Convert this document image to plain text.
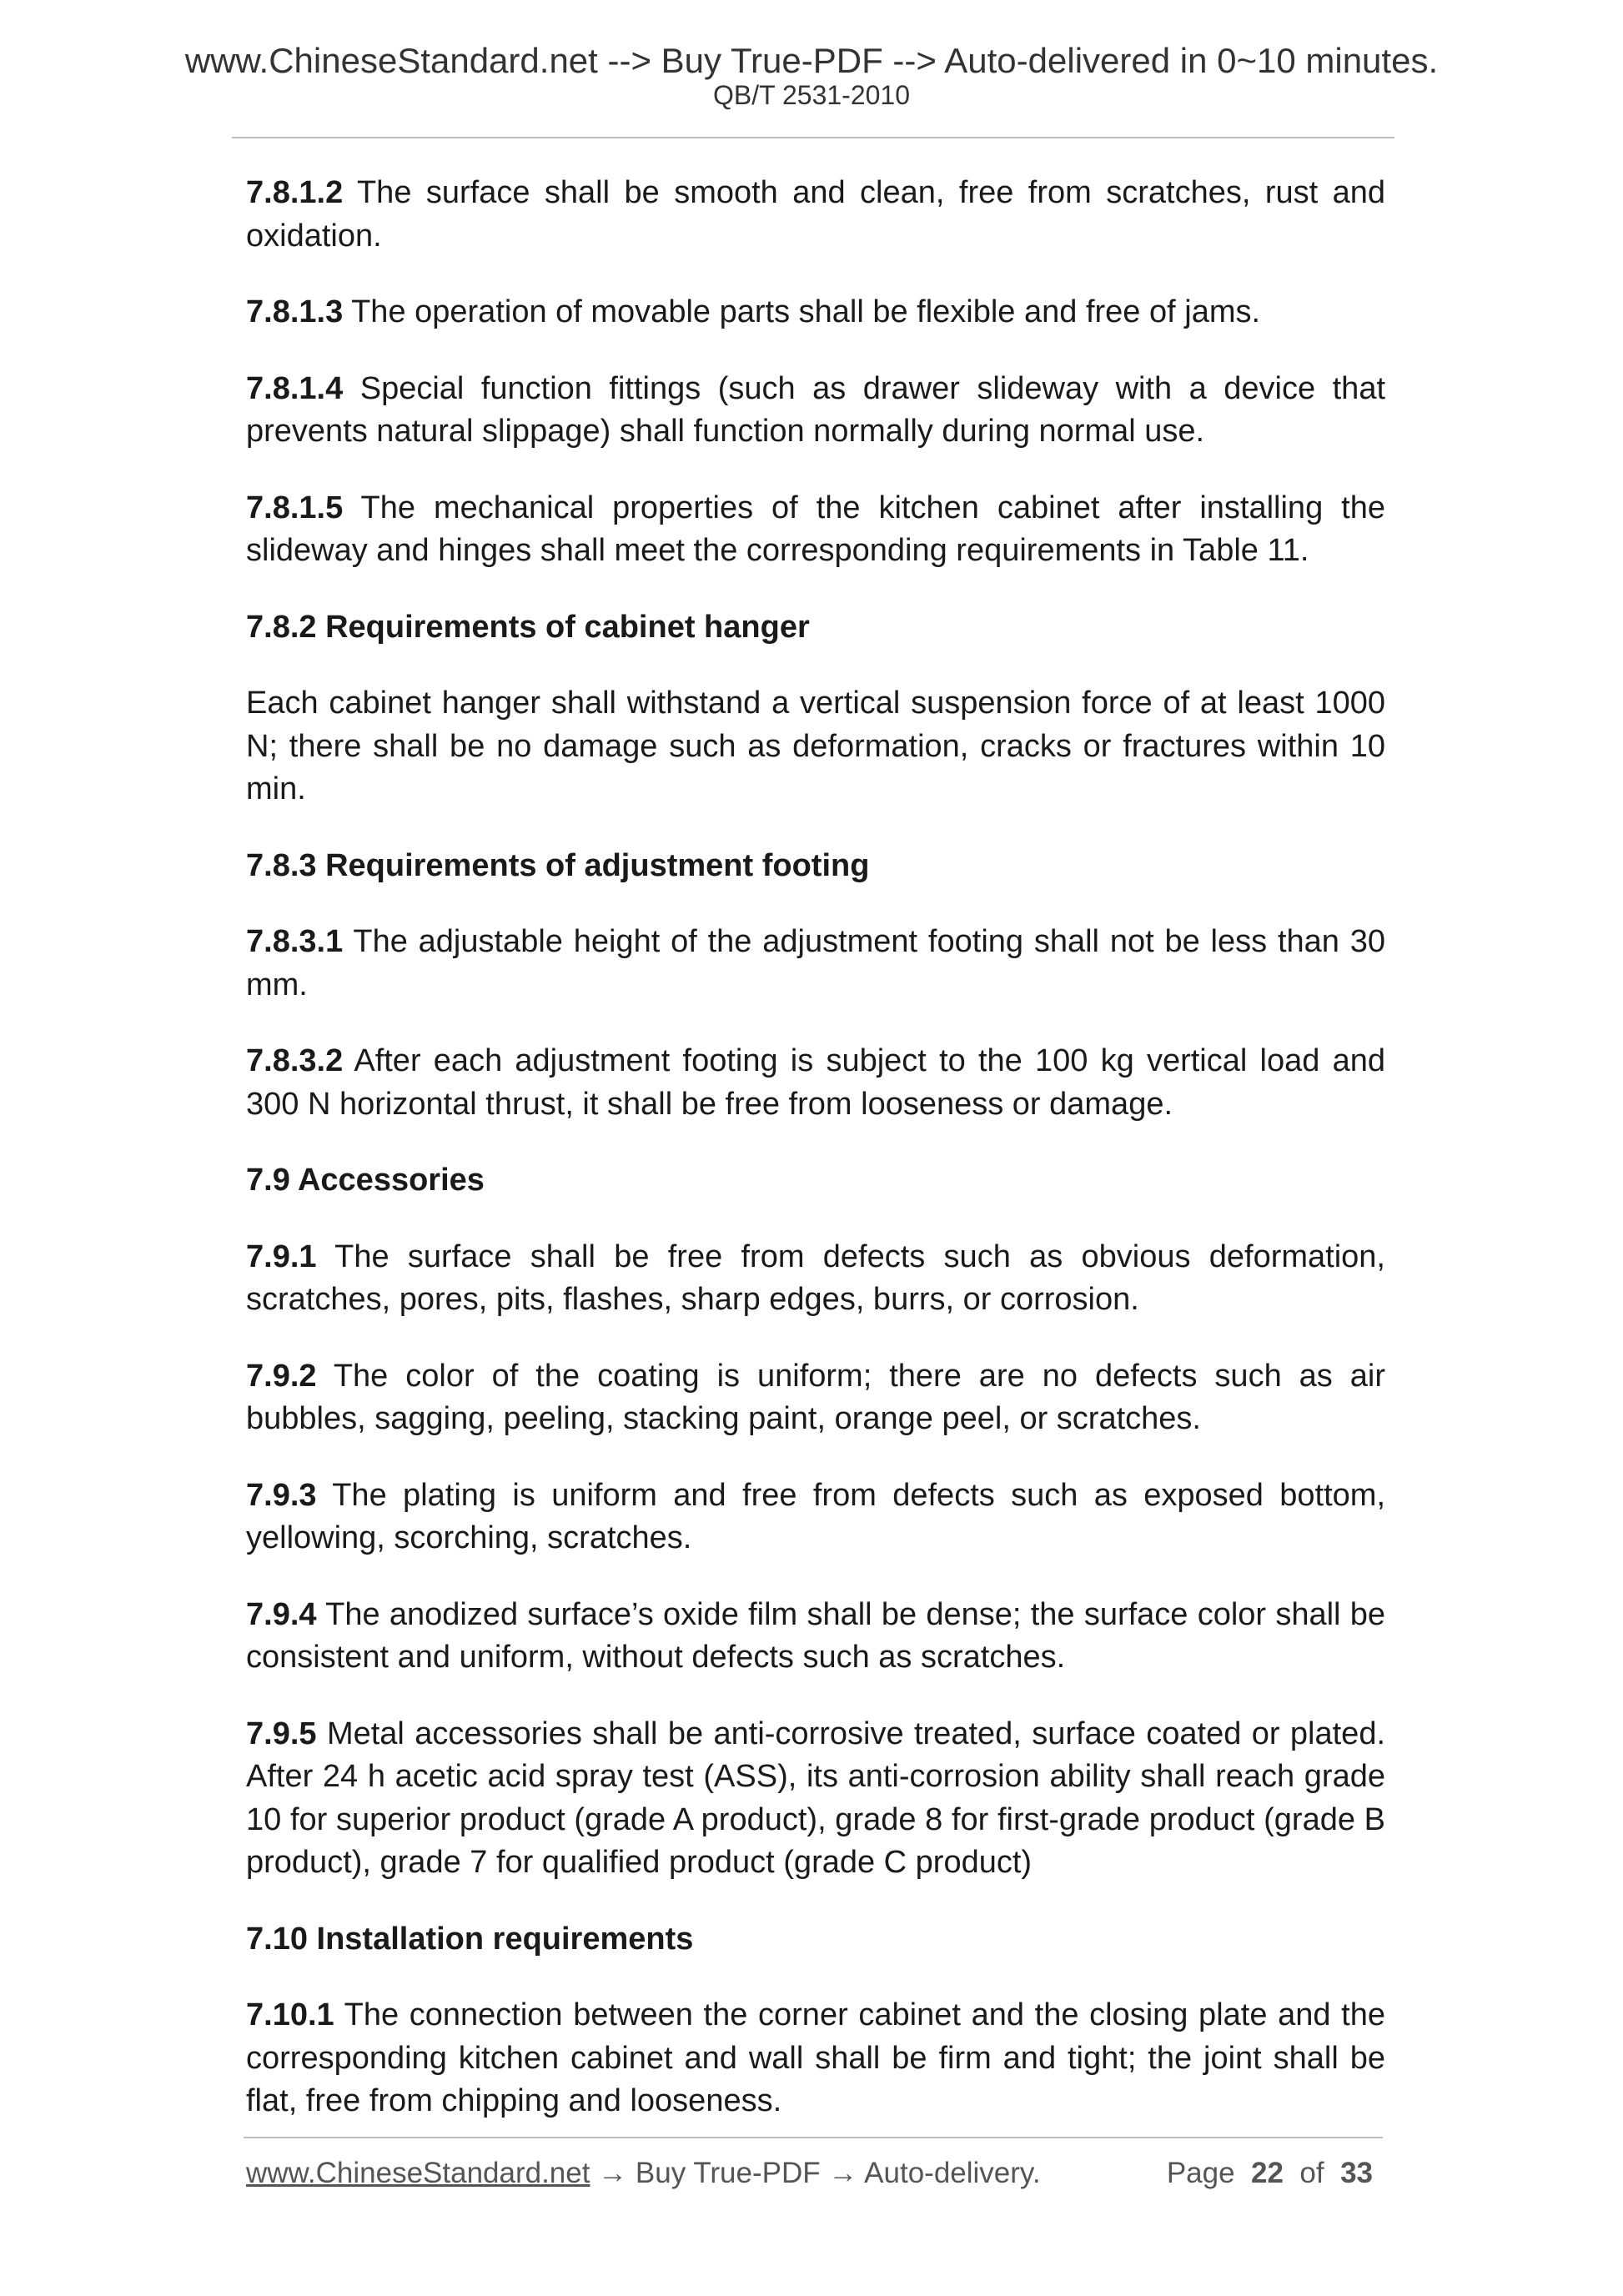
www.ChineseStandard.net --> Buy True-PDF --> Auto-delivered in 0~10 minutes.
QB/T 2531-2010

7.8.1.2 The surface shall be smooth and clean, free from scratches, rust and oxidation.

7.8.1.3 The operation of movable parts shall be flexible and free of jams.

7.8.1.4 Special function fittings (such as drawer slideway with a device that prevents natural slippage) shall function normally during normal use.

7.8.1.5 The mechanical properties of the kitchen cabinet after installing the slideway and hinges shall meet the corresponding requirements in Table 11.

7.8.2 Requirements of cabinet hanger

Each cabinet hanger shall withstand a vertical suspension force of at least 1000 N; there shall be no damage such as deformation, cracks or fractures within 10 min.

7.8.3 Requirements of adjustment footing

7.8.3.1 The adjustable height of the adjustment footing shall not be less than 30 mm.

7.8.3.2 After each adjustment footing is subject to the 100 kg vertical load and 300 N horizontal thrust, it shall be free from looseness or damage.

7.9 Accessories

7.9.1 The surface shall be free from defects such as obvious deformation, scratches, pores, pits, flashes, sharp edges, burrs, or corrosion.

7.9.2 The color of the coating is uniform; there are no defects such as air bubbles, sagging, peeling, stacking paint, orange peel, or scratches.

7.9.3 The plating is uniform and free from defects such as exposed bottom, yellowing, scorching, scratches.

7.9.4 The anodized surface’s oxide film shall be dense; the surface color shall be consistent and uniform, without defects such as scratches.

7.9.5 Metal accessories shall be anti-corrosive treated, surface coated or plated. After 24 h acetic acid spray test (ASS), its anti-corrosion ability shall reach grade 10 for superior product (grade A product), grade 8 for first-grade product (grade B product), grade 7 for qualified product (grade C product)

7.10 Installation requirements

7.10.1 The connection between the corner cabinet and the closing plate and the corresponding kitchen cabinet and wall shall be firm and tight; the joint shall be flat, free from chipping and looseness.

www.ChineseStandard.net → Buy True-PDF → Auto-delivery.	Page 22 of 33
